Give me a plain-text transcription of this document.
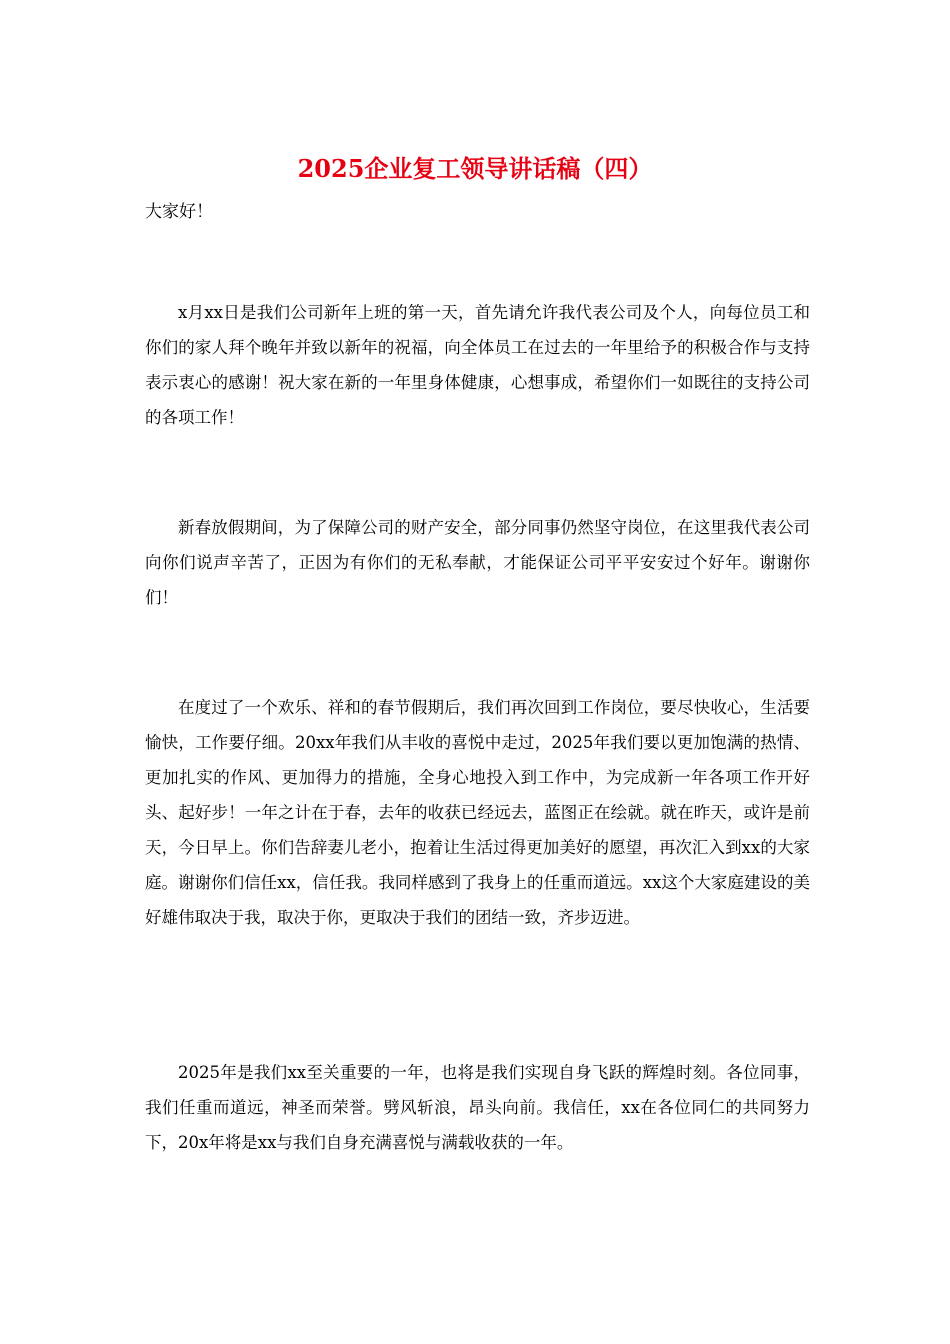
2025企业复工领导讲话稿（四）

大家好！

x月xx日是我们公司新年上班的第一天，首先请允许我代表公司及个人，向每位员工和你们的家人拜个晚年并致以新年的祝福，向全体员工在过去的一年里给予的积极合作与支持表示衷心的感谢！祝大家在新的一年里身体健康，心想事成，希望你们一如既往的支持公司的各项工作！

新春放假期间，为了保障公司的财产安全，部分同事仍然坚守岗位，在这里我代表公司向你们说声辛苦了，正因为有你们的无私奉献，才能保证公司平平安安过个好年。谢谢你们！

在度过了一个欢乐、祥和的春节假期后，我们再次回到工作岗位，要尽快收心，生活要愉快，工作要仔细。20xx年我们从丰收的喜悦中走过，2025年我们要以更加饱满的热情、更加扎实的作风、更加得力的措施，全身心地投入到工作中，为完成新一年各项工作开好头、起好步！一年之计在于春，去年的收获已经远去，蓝图正在绘就。就在昨天，或许是前天，今日早上。你们告辞妻儿老小，抱着让生活过得更加美好的愿望，再次汇入到xx的大家庭。谢谢你们信任xx，信任我。我同样感到了我身上的任重而道远。xx这个大家庭建设的美好雄伟取决于我，取决于你，更取决于我们的团结一致，齐步迈进。

2025年是我们xx至关重要的一年，也将是我们实现自身飞跃的辉煌时刻。各位同事，我们任重而道远，神圣而荣誉。劈风斩浪，昂头向前。我信任，xx在各位同仁的共同努力下，20x年将是xx与我们自身充满喜悦与满载收获的一年。
